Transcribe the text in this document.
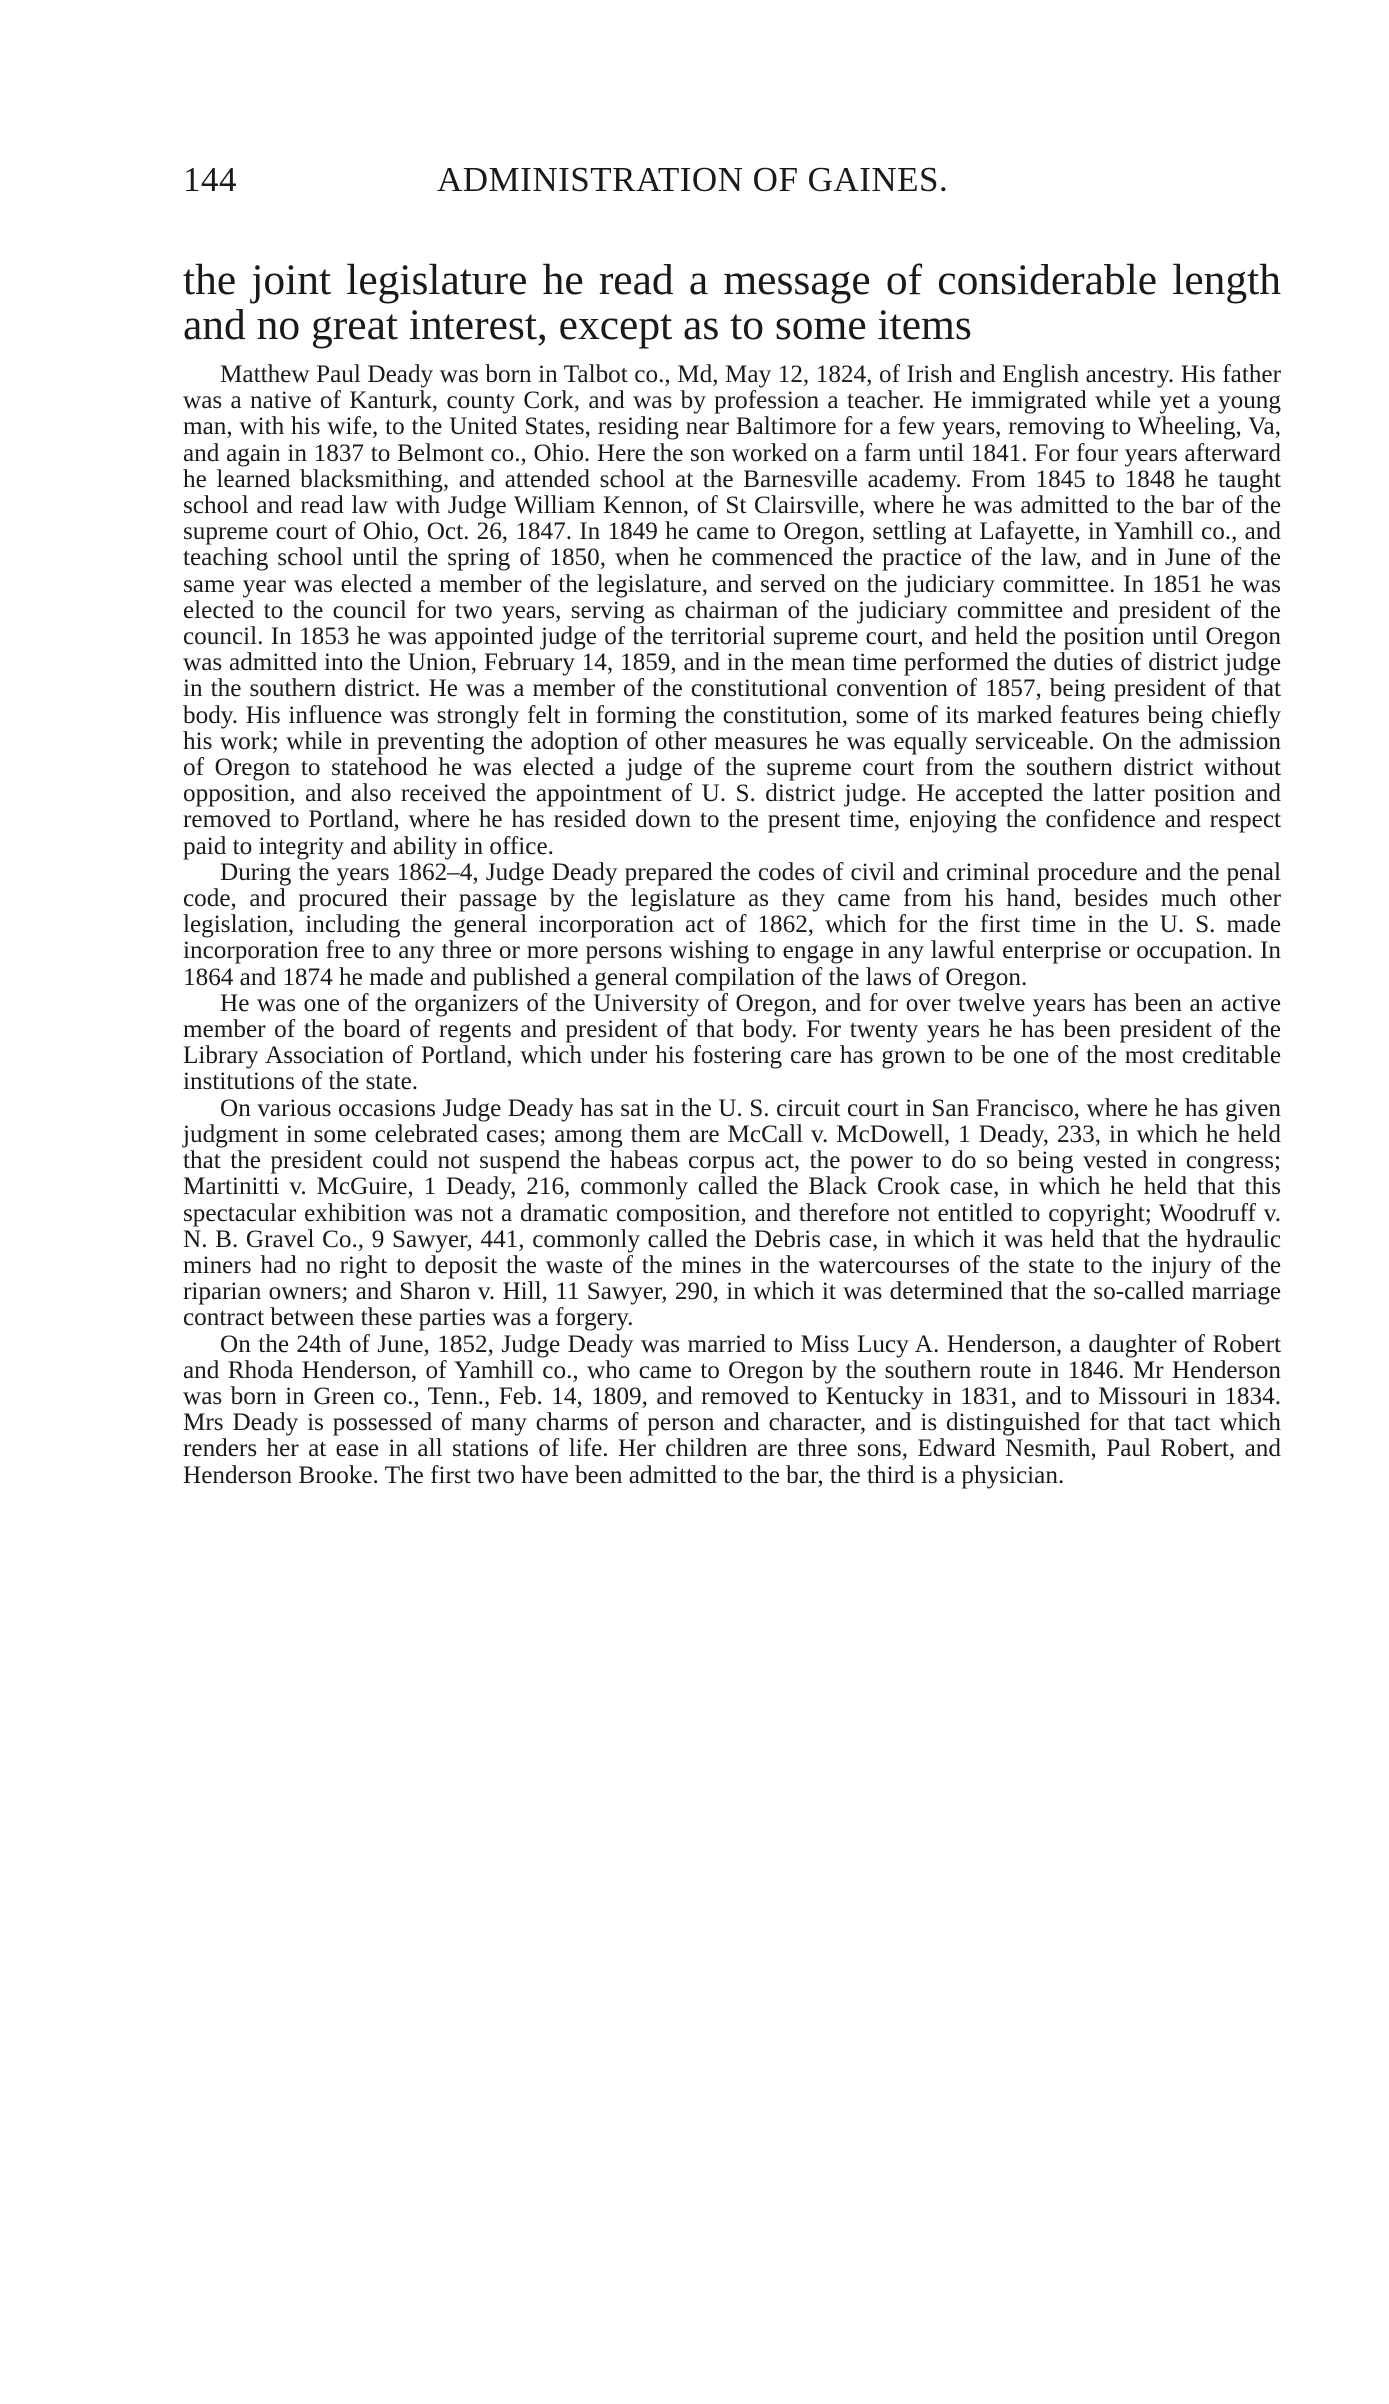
144	ADMINISTRATION OF GAINES.

the joint legislature he read a message of considerable length and no great interest, except as to some items

Matthew Paul Deady was born in Talbot co., Md, May 12, 1824, of Irish and English ancestry. His father was a native of Kanturk, county Cork, and was by profession a teacher. He immigrated while yet a young man, with his wife, to the United States, residing near Baltimore for a few years, removing to Wheeling, Va, and again in 1837 to Belmont co., Ohio. Here the son worked on a farm until 1841. For four years afterward he learned blacksmithing, and attended school at the Barnesville academy. From 1845 to 1848 he taught school and read law with Judge William Kennon, of St Clairsville, where he was admitted to the bar of the supreme court of Ohio, Oct. 26, 1847. In 1849 he came to Oregon, settling at Lafayette, in Yamhill co., and teaching school until the spring of 1850, when he commenced the practice of the law, and in June of the same year was elected a member of the legislature, and served on the judiciary committee. In 1851 he was elected to the council for two years, serving as chairman of the judiciary committee and president of the council. In 1853 he was appointed judge of the territorial supreme court, and held the position until Oregon was admitted into the Union, February 14, 1859, and in the mean time performed the duties of district judge in the southern district. He was a member of the constitutional convention of 1857, being president of that body. His influence was strongly felt in forming the constitution, some of its marked features being chiefly his work; while in preventing the adoption of other measures he was equally serviceable. On the admission of Oregon to statehood he was elected a judge of the supreme court from the southern district without opposition, and also received the appointment of U. S. district judge. He accepted the latter position and removed to Portland, where he has resided down to the present time, enjoying the confidence and respect paid to integrity and ability in office.

During the years 1862–4, Judge Deady prepared the codes of civil and criminal procedure and the penal code, and procured their passage by the legislature as they came from his hand, besides much other legislation, including the general incorporation act of 1862, which for the first time in the U. S. made incorporation free to any three or more persons wishing to engage in any lawful enterprise or occupation. In 1864 and 1874 he made and published a general compilation of the laws of Oregon.

He was one of the organizers of the University of Oregon, and for over twelve years has been an active member of the board of regents and president of that body. For twenty years he has been president of the Library Association of Portland, which under his fostering care has grown to be one of the most creditable institutions of the state.

On various occasions Judge Deady has sat in the U. S. circuit court in San Francisco, where he has given judgment in some celebrated cases; among them are McCall v. McDowell, 1 Deady, 233, in which he held that the president could not suspend the habeas corpus act, the power to do so being vested in congress; Martinitti v. McGuire, 1 Deady, 216, commonly called the Black Crook case, in which he held that this spectacular exhibition was not a dramatic composition, and therefore not entitled to copyright; Woodruff v. N. B. Gravel Co., 9 Sawyer, 441, commonly called the Debris case, in which it was held that the hydraulic miners had no right to deposit the waste of the mines in the watercourses of the state to the injury of the riparian owners; and Sharon v. Hill, 11 Sawyer, 290, in which it was determined that the so-called marriage contract between these parties was a forgery.

On the 24th of June, 1852, Judge Deady was married to Miss Lucy A. Henderson, a daughter of Robert and Rhoda Henderson, of Yamhill co., who came to Oregon by the southern route in 1846. Mr Henderson was born in Green co., Tenn., Feb. 14, 1809, and removed to Kentucky in 1831, and to Missouri in 1834. Mrs Deady is possessed of many charms of person and character, and is distinguished for that tact which renders her at ease in all stations of life. Her children are three sons, Edward Nesmith, Paul Robert, and Henderson Brooke. The first two have been admitted to the bar, the third is a physician.
